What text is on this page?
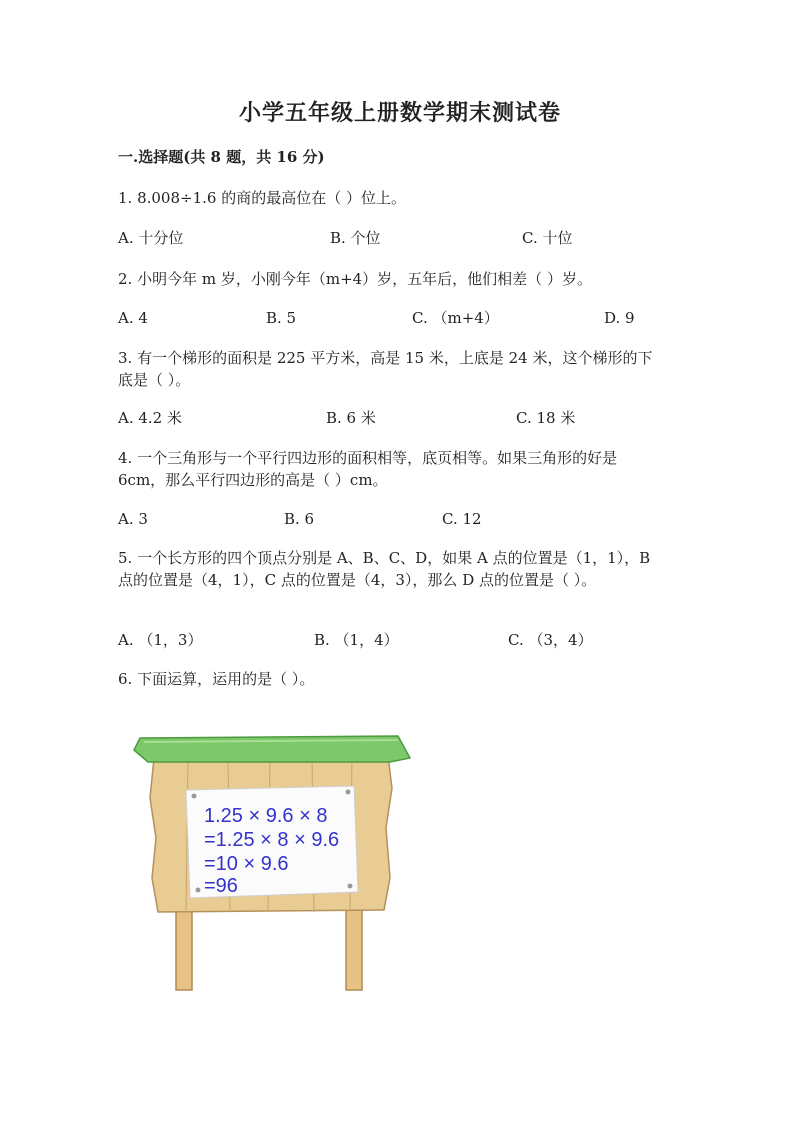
小学五年级上册数学期末测试卷
一.选择题(共 8 题，共 16 分)
1. 8.008÷1.6 的商的最高位在（ ）位上。
A. 十分位	B. 个位	C. 十位
2. 小明今年 m 岁，小刚今年（m+4）岁，五年后，他们相差（ ）岁。
A. 4	B. 5	C. （m+4）	D. 9
3. 有一个梯形的面积是 225 平方米，高是 15 米，上底是 24 米，这个梯形的下
底是（ ）。
A. 4.2 米	B. 6 米	C. 18 米
4. 一个三角形与一个平行四边形的面积相等，底页相等。如果三角形的好是
6cm，那么平行四边形的高是（ ）cm。
A. 3	B. 6	C. 12
5. 一个长方形的四个顶点分别是 A、B、C、D，如果 A 点的位置是（1，1），B
点的位置是（4，1），C 点的位置是（4，3），那么 D 点的位置是（ ）。
A. （1，3）	B. （1，4）	C. （3，4）
6. 下面运算，运用的是（ ）。
1.25 × 9.6 × 8
=1.25 × 8 × 9.6
=10 × 9.6
=96
